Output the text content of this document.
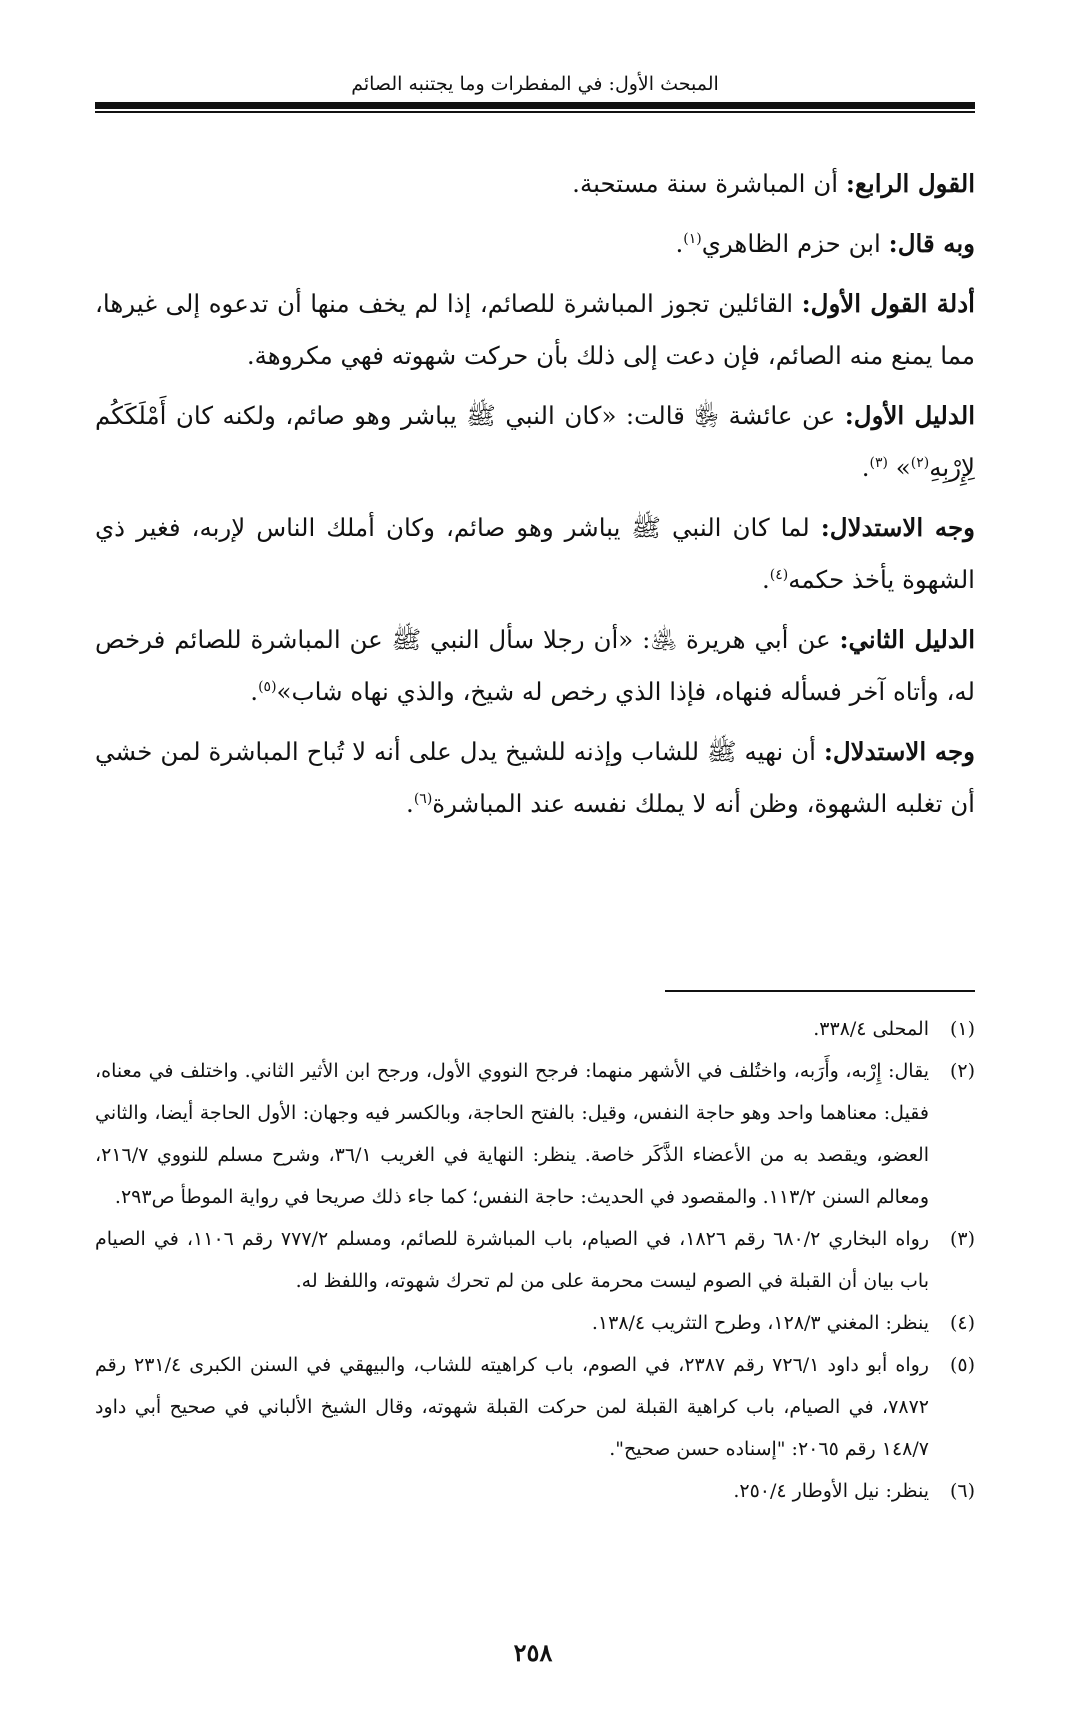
المبحث الأول: في المفطرات وما يجتنبه الصائم

القول الرابع: أن المباشرة سنة مستحبة.

وبه قال: ابن حزم الظاهري$^{(١)}$.

أدلة القول الأول: القائلين تجوز المباشرة للصائم، إذا لم يخف منها أن تدعوه إلى غيرها، مما يمنع منه الصائم، فإن دعت إلى ذلك بأن حركت شهوته فهي مكروهة.

الدليل الأول: عن عائشة ﵂ قالت: «كان النبي ﷺ يباشر وهو صائم، ولكنه كان أَمْلَكَكُم لِإِرْبِهِ$^{(٢)}$» $^{(٣)}$.

وجه الاستدلال: لما كان النبي ﷺ يباشر وهو صائم، وكان أملك الناس لإربه، فغير ذي الشهوة يأخذ حكمه$^{(٤)}$.

الدليل الثاني: عن أبي هريرة ﵁: «أن رجلا سأل النبي ﷺ عن المباشرة للصائم فرخص له، وأتاه آخر فسأله فنهاه، فإذا الذي رخص له شيخ، والذي نهاه شاب»$^{(٥)}$.

وجه الاستدلال: أن نهيه ﷺ للشاب وإذنه للشيخ يدل على أنه لا تُباح المباشرة لمن خشي أن تغلبه الشهوة، وظن أنه لا يملك نفسه عند المباشرة$^{(٦)}$.

(١)
المحلى ٣٣٨/٤.

(٢)
يقال: إِرْبه، وأَرَبه، واختُلف في الأشهر منهما: فرجح النووي الأول، ورجح ابن الأثير الثاني. واختلف في معناه، فقيل: معناهما واحد وهو حاجة النفس، وقيل: بالفتح الحاجة، وبالكسر فيه وجهان: الأول الحاجة أيضا، والثاني العضو، ويقصد به من الأعضاء الذَّكَر خاصة. ينظر: النهاية في الغريب ٣٦/١، وشرح مسلم للنووي ٢١٦/٧، ومعالم السنن ١١٣/٢. والمقصود في الحديث: حاجة النفس؛ كما جاء ذلك صريحا في رواية الموطأ ص٢٩٣.

(٣)
رواه البخاري ٦٨٠/٢ رقم ١٨٢٦، في الصيام، باب المباشرة للصائم، ومسلم ٧٧٧/٢ رقم ١١٠٦، في الصيام باب بيان أن القبلة في الصوم ليست محرمة على من لم تحرك شهوته، واللفظ له.

(٤)
ينظر: المغني ١٢٨/٣، وطرح التثريب ١٣٨/٤.

(٥)
رواه أبو داود ٧٢٦/١ رقم ٢٣٨٧، في الصوم، باب كراهيته للشاب، والبيهقي في السنن الكبرى ٢٣١/٤ رقم ٧٨٧٢، في الصيام، باب كراهية القبلة لمن حركت القبلة شهوته، وقال الشيخ الألباني في صحيح أبي داود ١٤٨/٧ رقم ٢٠٦٥: "إسناده حسن صحيح".

(٦)
ينظر: نيل الأوطار ٢٥٠/٤.

٢٥٨
